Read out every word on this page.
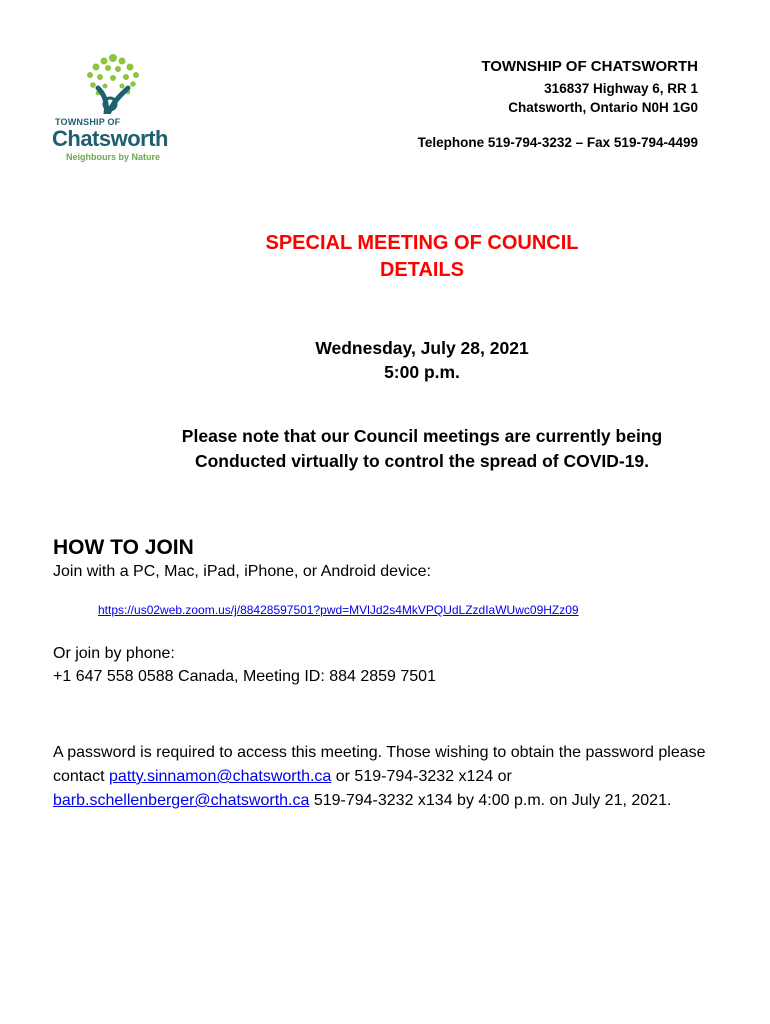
TOWNSHIP OF
Chatsworth
Neighbours by Nature
TOWNSHIP OF CHATSWORTH
316837 Highway 6, RR 1
Chatsworth, Ontario N0H 1G0
Telephone 519-794-3232 – Fax 519-794-4499
SPECIAL MEETING OF COUNCIL
DETAILS
Wednesday, July 28, 2021
5:00 p.m.
Please note that our Council meetings are currently being
Conducted virtually to control the spread of COVID-19.
HOW TO JOIN
Join with a PC, Mac, iPad, iPhone, or Android device:
https://us02web.zoom.us/j/88428597501?pwd=MVlJd2s4MkVPQUdLZzdIaWUwc09HZz09
Or join by phone:
+1 647 558 0588 Canada, Meeting ID: 884 2859 7501
A password is required to access this meeting. Those wishing to obtain the password please contact patty.sinnamon@chatsworth.ca or 519-794-3232 x124 or barb.schellenberger@chatsworth.ca 519-794-3232 x134 by 4:00 p.m. on July 21, 2021.
